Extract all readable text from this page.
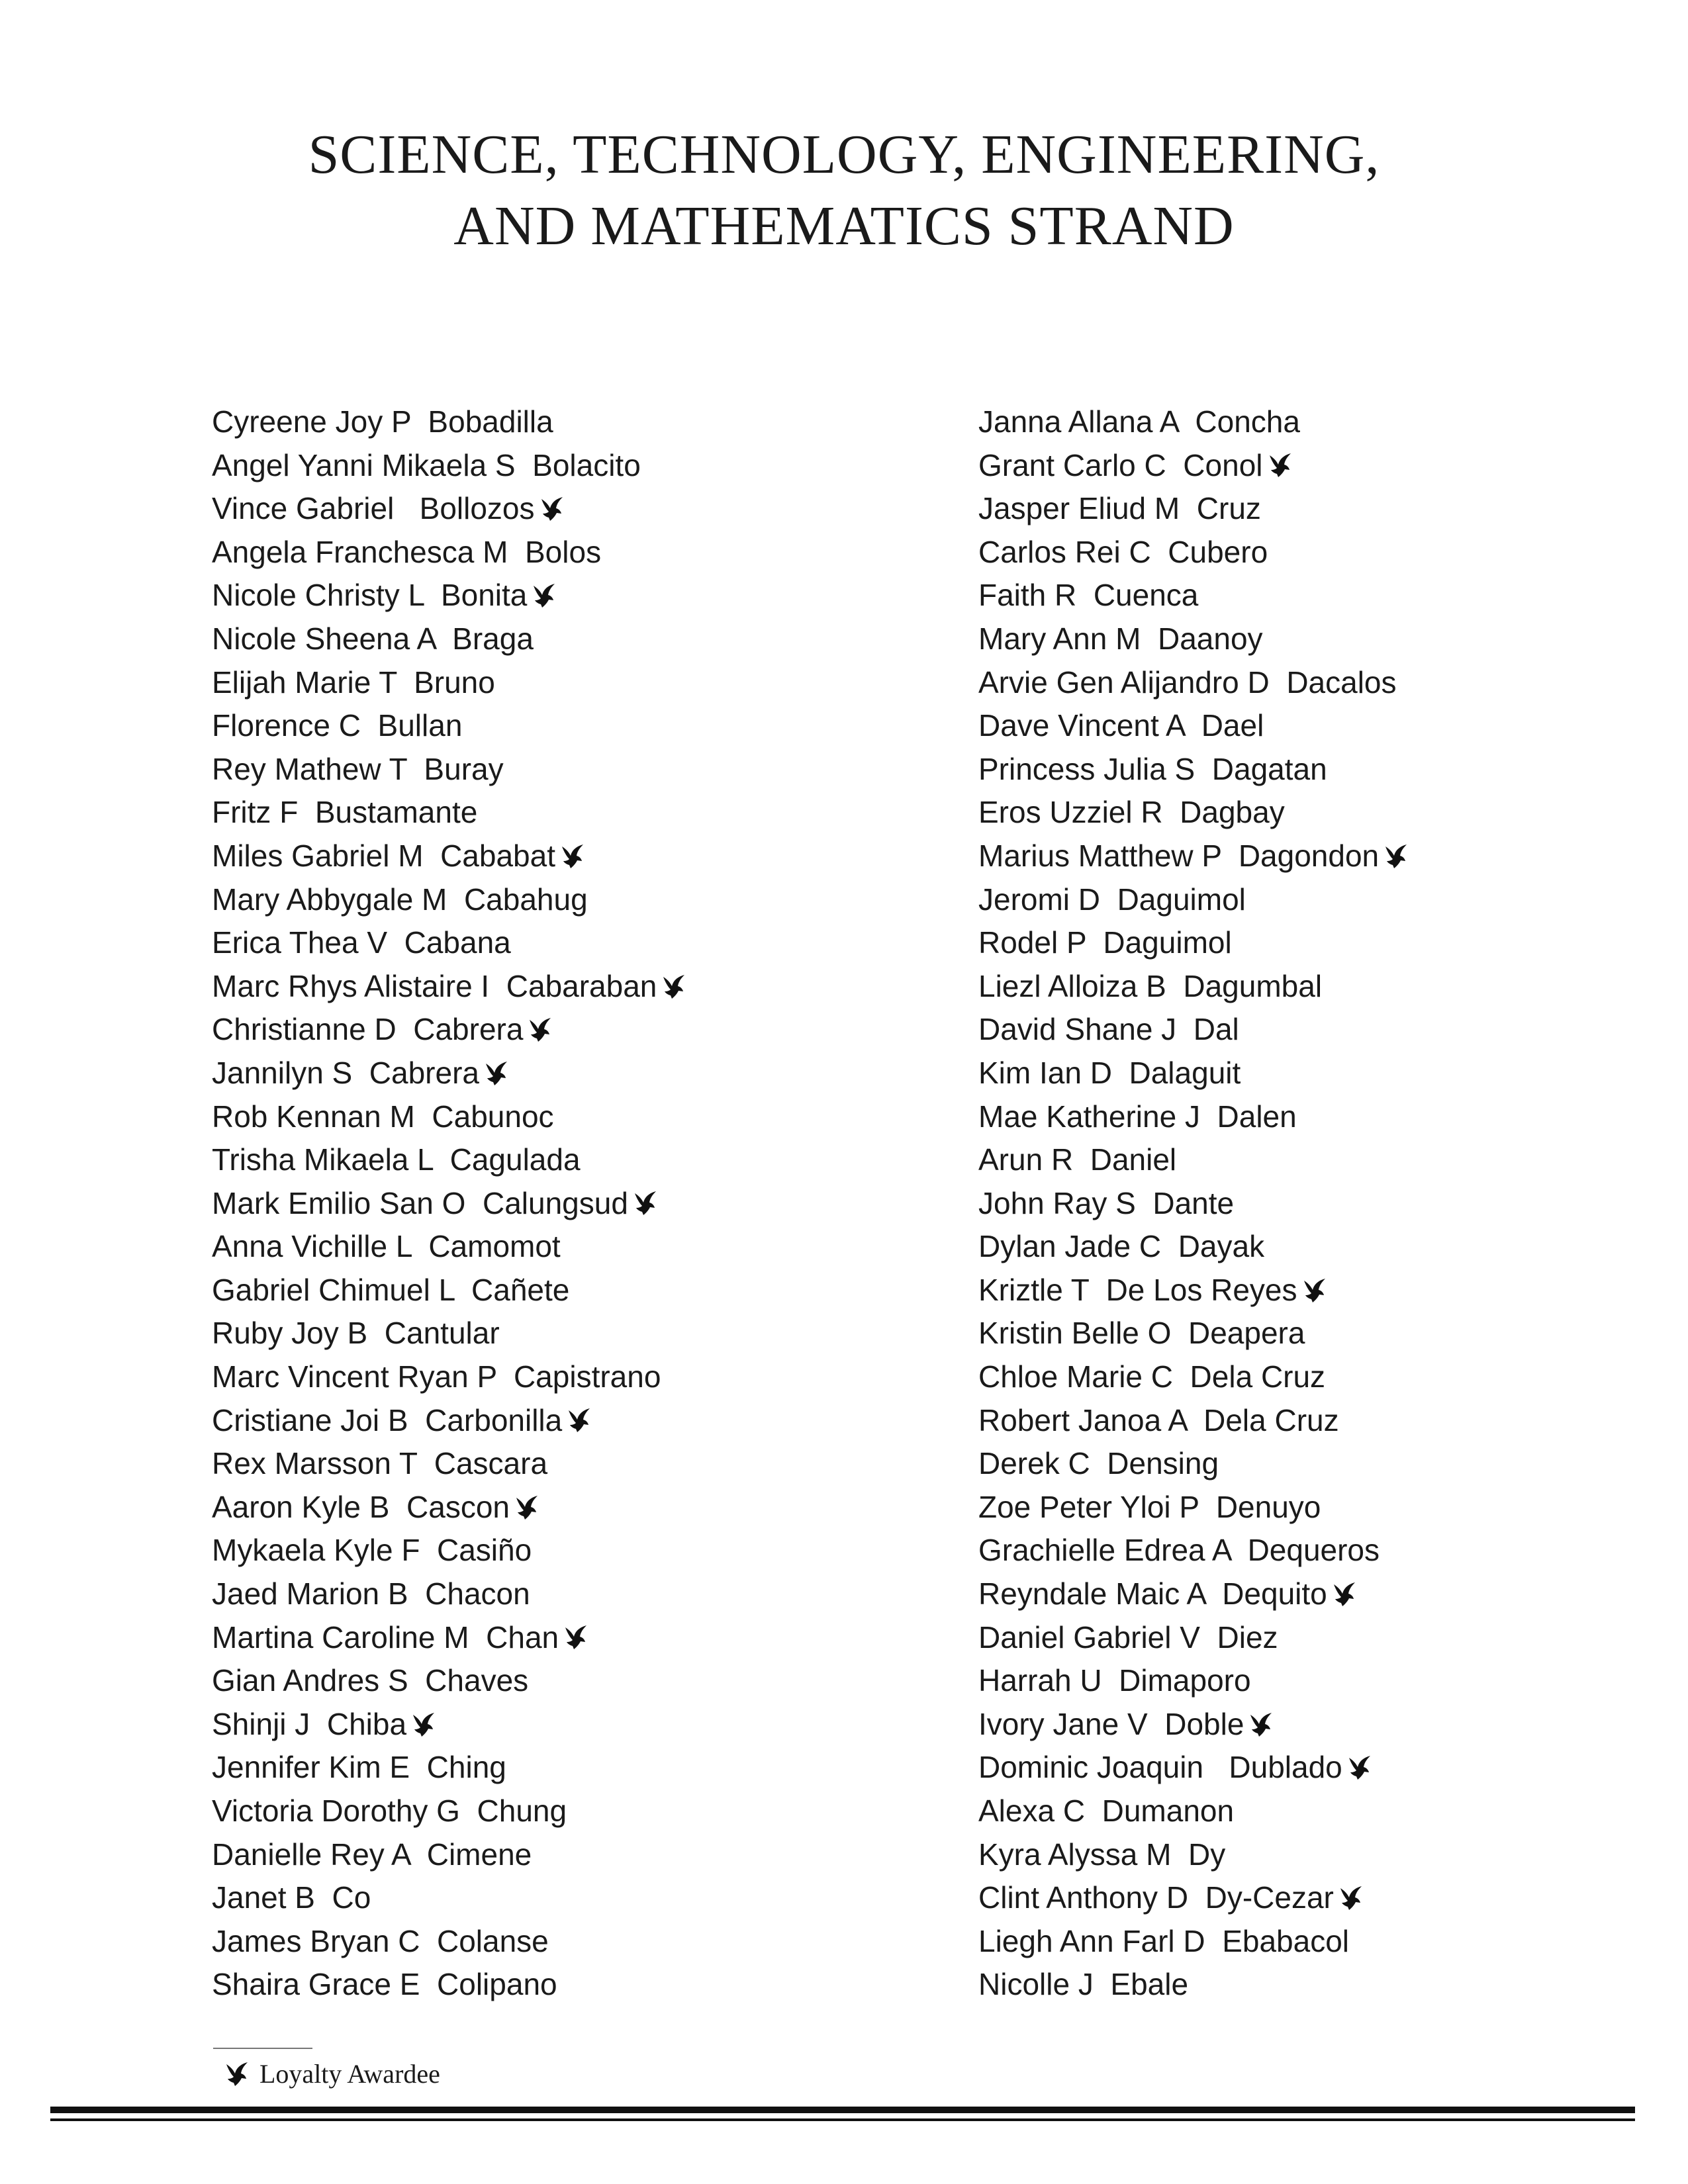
SCIENCE, TECHNOLOGY, ENGINEERING,
AND MATHEMATICS STRAND
Cyreene Joy P  Bobadilla
Angel Yanni Mikaela S  Bolacito
Vince Gabriel   Bollozos
Angela Franchesca M  Bolos
Nicole Christy L  Bonita
Nicole Sheena A  Braga
Elijah Marie T  Bruno
Florence C  Bullan
Rey Mathew T  Buray
Fritz F  Bustamante
Miles Gabriel M  Cababat
Mary Abbygale M  Cabahug
Erica Thea V  Cabana
Marc Rhys Alistaire I  Cabaraban
Christianne D  Cabrera
Jannilyn S  Cabrera
Rob Kennan M  Cabunoc
Trisha Mikaela L  Cagulada
Mark Emilio San O  Calungsud
Anna Vichille L  Camomot
Gabriel Chimuel L  Cañete
Ruby Joy B  Cantular
Marc Vincent Ryan P  Capistrano
Cristiane Joi B  Carbonilla
Rex Marsson T  Cascara
Aaron Kyle B  Cascon
Mykaela Kyle F  Casiño
Jaed Marion B  Chacon
Martina Caroline M  Chan
Gian Andres S  Chaves
Shinji J  Chiba
Jennifer Kim E  Ching
Victoria Dorothy G  Chung
Danielle Rey A  Cimene
Janet B  Co
James Bryan C  Colanse
Shaira Grace E  Colipano
Janna Allana A  Concha
Grant Carlo C  Conol
Jasper Eliud M  Cruz
Carlos Rei C  Cubero
Faith R  Cuenca
Mary Ann M  Daanoy
Arvie Gen Alijandro D  Dacalos
Dave Vincent A  Dael
Princess Julia S  Dagatan
Eros Uzziel R  Dagbay
Marius Matthew P  Dagondon
Jeromi D  Daguimol
Rodel P  Daguimol
Liezl Alloiza B  Dagumbal
David Shane J  Dal
Kim Ian D  Dalaguit
Mae Katherine J  Dalen
Arun R  Daniel
John Ray S  Dante
Dylan Jade C  Dayak
Kriztle T  De Los Reyes
Kristin Belle O  Deapera
Chloe Marie C  Dela Cruz
Robert Janoa A  Dela Cruz
Derek C  Densing
Zoe Peter Yloi P  Denuyo
Grachielle Edrea A  Dequeros
Reyndale Maic A  Dequito
Daniel Gabriel V  Diez
Harrah U  Dimaporo
Ivory Jane V  Doble
Dominic Joaquin   Dublado
Alexa C  Dumanon
Kyra Alyssa M  Dy
Clint Anthony D  Dy-Cezar
Liegh Ann Farl D  Ebabacol
Nicolle J  Ebale
Loyalty Awardee
